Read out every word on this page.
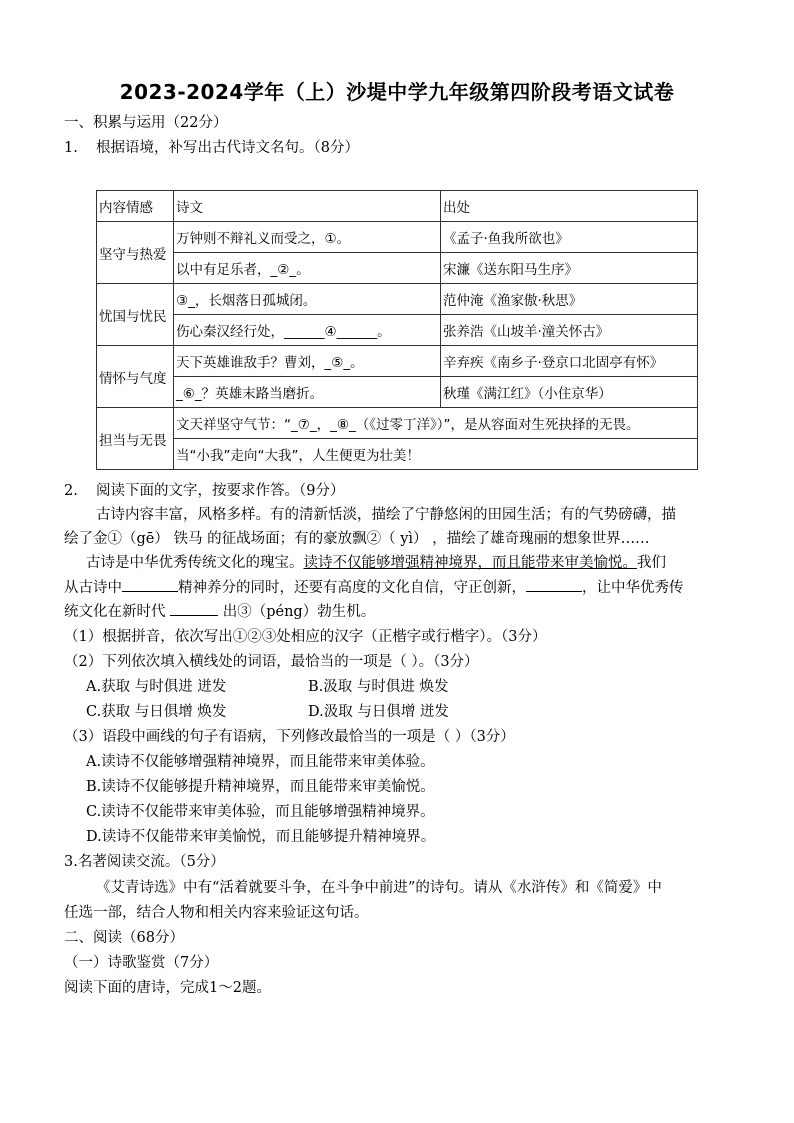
2023-2024学年（上）沙堤中学九年级第四阶段考语文试卷
一、积累与运用（22分）
1. 根据语境，补写出古代诗文名句。（8分）
内容情感	诗文	出处
坚守与热爱	万钟则不辩礼义而受之，①。	《孟子·鱼我所欲也》
	以中有足乐者，_②_。	宋濂《送东阳马生序》
忧国与忧民	③_，长烟落日孤城闭。	范仲淹《渔家傲·秋思》
	伤心秦汉经行处，______④______。	张养浩《山坡羊·潼关怀古》
情怀与气度	天下英雄谁敌手？曹刘，_⑤_。	辛弃疾《南乡子·登京口北固亭有怀》
	_⑥_？英雄末路当磨折。	秋瑾《满江红》（小住京华）
担当与无畏	文天祥坚守气节：“_⑦_，_⑧_（《过零丁洋》）”，是从容面对生死抉择的无畏。	
	当“小我”走向“大我”，人生便更为壮美！	
2. 阅读下面的文字，按要求作答。（9分）
古诗内容丰富，风格多样。有的清新恬淡，描绘了宁静悠闲的田园生活；有的气势磅礴，描
绘了金①（gē） 铁马 的征战场面；有的豪放飘②（ yì） ，描绘了雄奇瑰丽的想象世界……
古诗是中华优秀传统文化的瑰宝。读诗不仅能够增强精神境界，而且能带来审美愉悦。我们
从古诗中	精神养分的同时，还要有高度的文化自信，守正创新，	，让中华优秀传
统文化在新时代	出③（péng）勃生机。
（1）根据拼音，依次写出①②③处相应的汉字（正楷字或行楷字）。（3分）
（2）下列依次填入横线处的词语，最恰当的一项是（ ）。（3分）
A.获取 与时俱进 迸发	B.汲取 与时俱进 焕发
C.获取 与日俱增 焕发	D.汲取 与日俱增 迸发
（3）语段中画线的句子有语病，下列修改最恰当的一项是（ ）（3分）
A.读诗不仅能够增强精神境界，而且能带来审美体验。
B.读诗不仅能够提升精神境界，而且能带来审美愉悦。
C.读诗不仅能带来审美体验，而且能够增强精神境界。
D.读诗不仅能带来审美愉悦，而且能够提升精神境界。
3.名著阅读交流。（5分）
《艾青诗选》中有“活着就要斗争，在斗争中前进”的诗句。请从《水浒传》和《简爱》中
任选一部，结合人物和相关内容来验证这句话。
二、阅读（68分）
（一）诗歌鉴赏（7分）
阅读下面的唐诗，完成1～2题。
